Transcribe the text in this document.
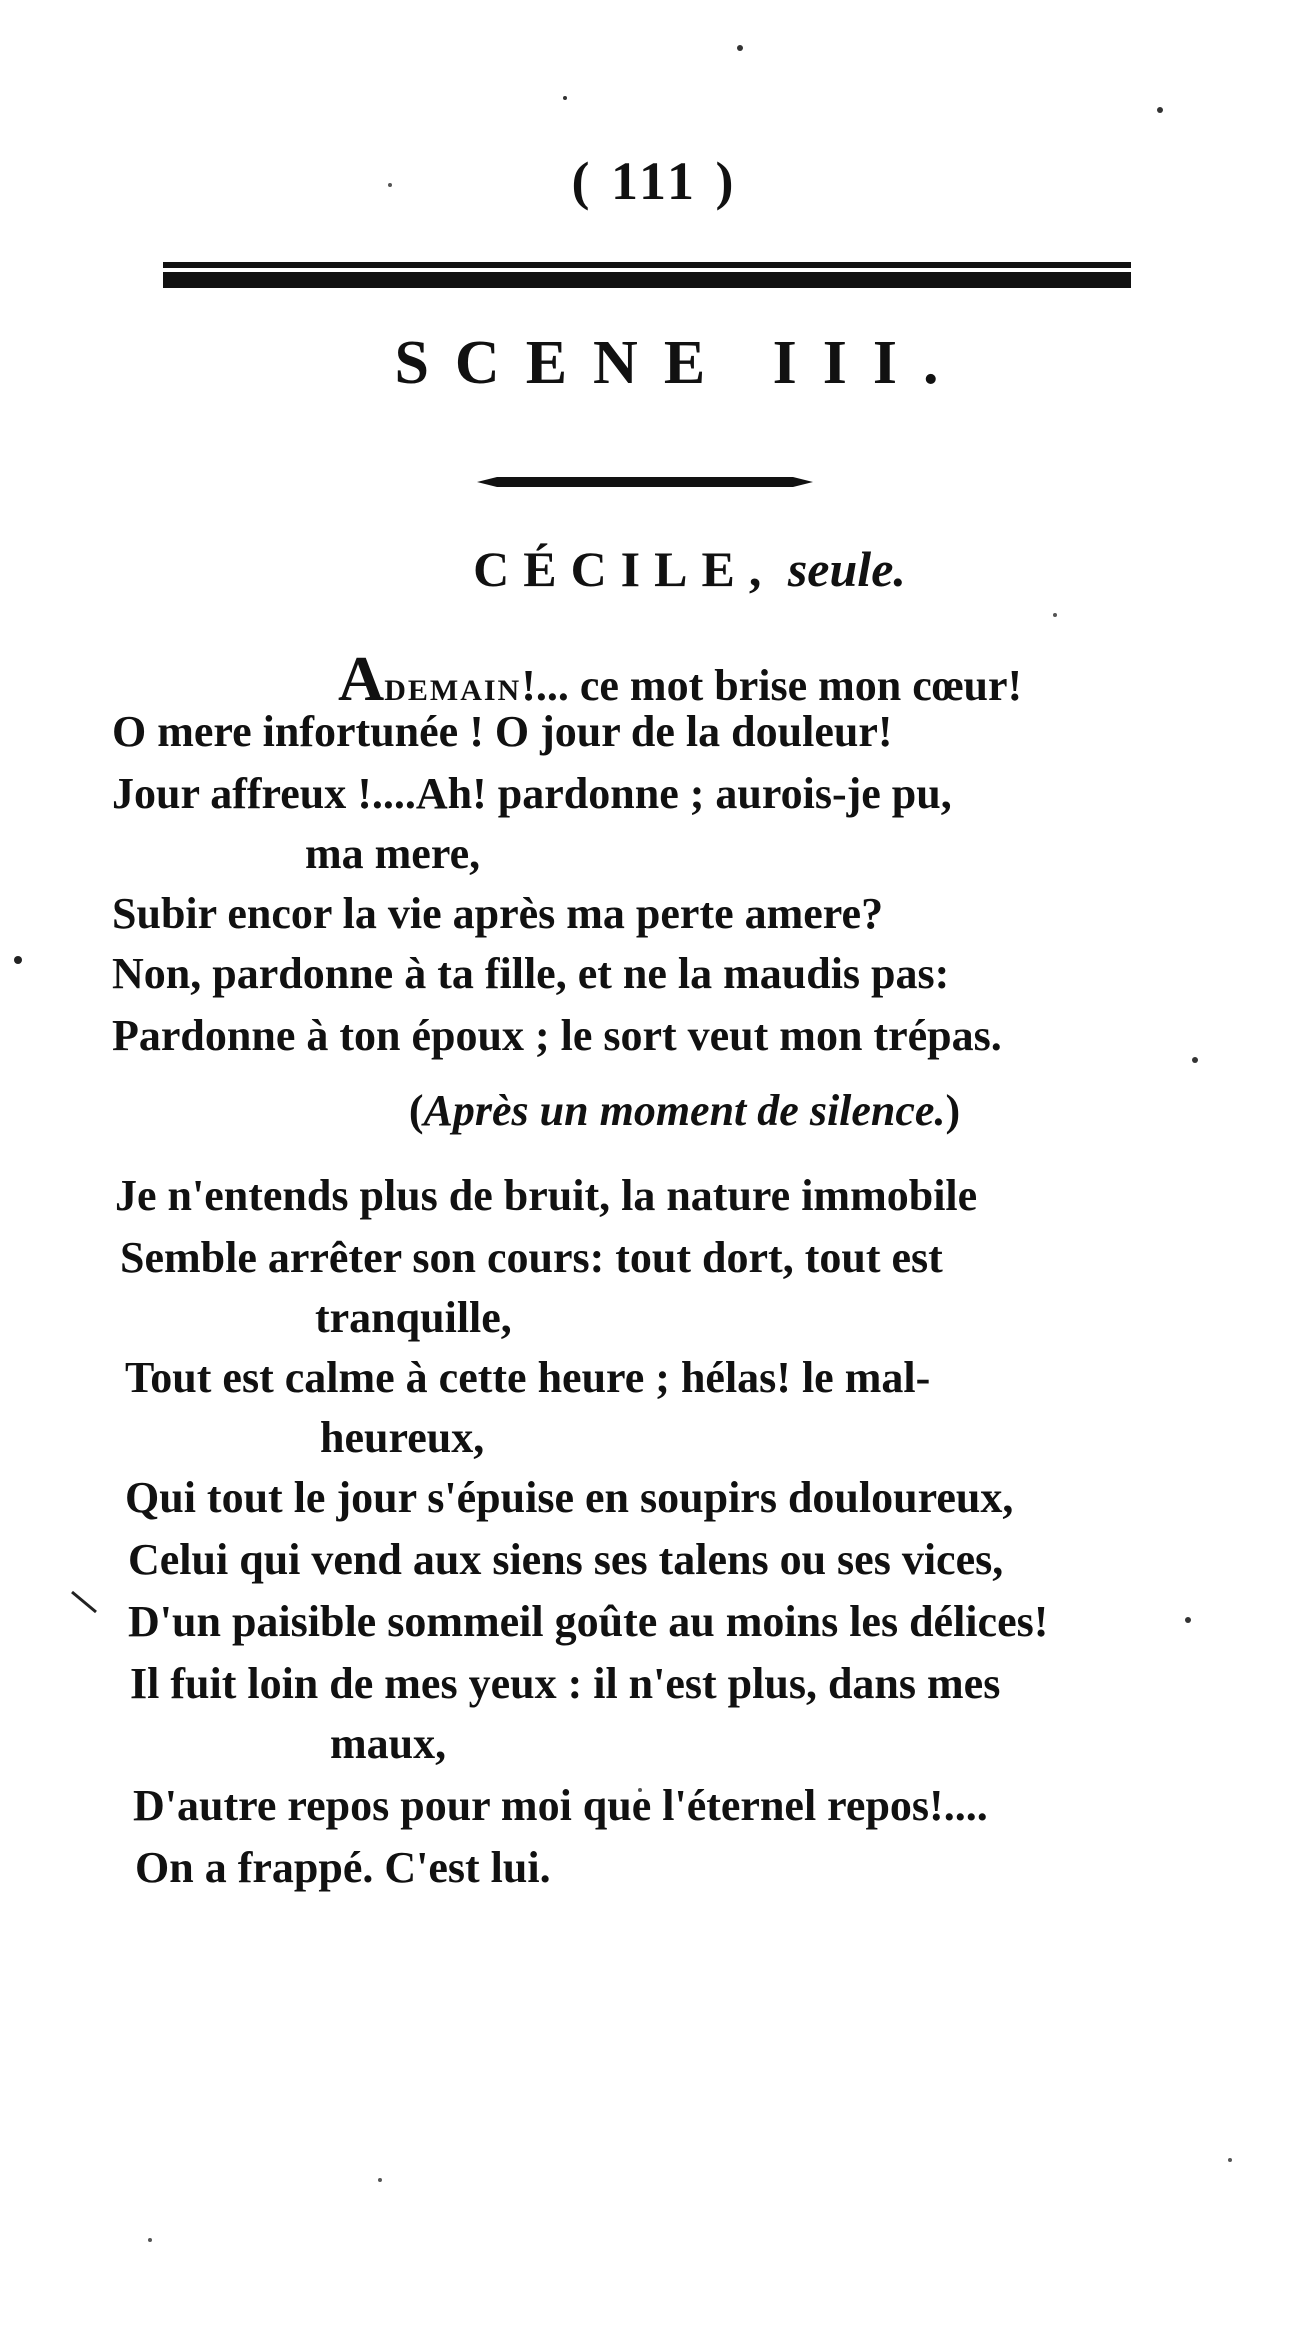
( 111 )
SCENE III.
CÉCILE, seule.
ADEMAIN!... ce mot brise mon cœur!
O mere infortunée ! O jour de la douleur!
Jour affreux !....Ah! pardonne ; aurois-je pu,
ma mere,
Subir encor la vie après ma perte amere?
Non, pardonne à ta fille, et ne la maudis pas:
Pardonne à ton époux ; le sort veut mon trépas.
(Après un moment de silence.)
Je n'entends plus de bruit, la nature immobile
Semble arrêter son cours: tout dort, tout est
tranquille,
Tout est calme à cette heure ; hélas! le mal-
heureux,
Qui tout le jour s'épuise en soupirs douloureux,
Celui qui vend aux siens ses talens ou ses vices,
D'un paisible sommeil goûte au moins les délices!
Il fuit loin de mes yeux : il n'est plus, dans mes
maux,
D'autre repos pour moi que l'éternel repos!....
On a frappé. C'est lui.
